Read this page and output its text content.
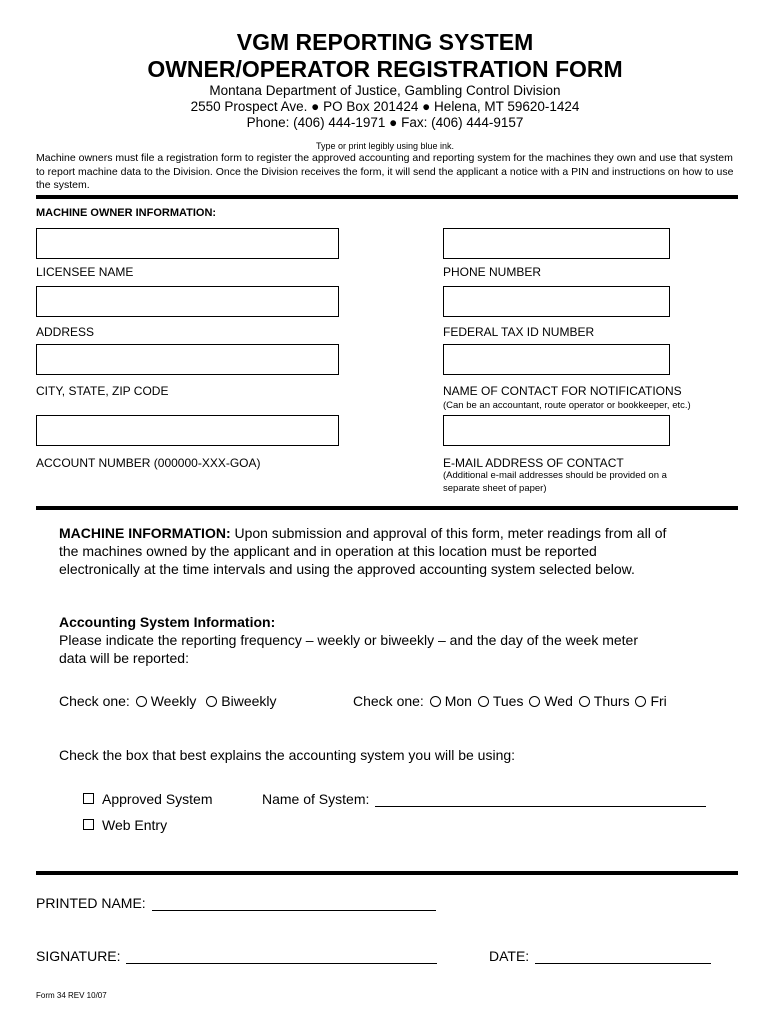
VGM REPORTING SYSTEM
OWNER/OPERATOR REGISTRATION FORM
Montana Department of Justice, Gambling Control Division
2550 Prospect Ave. ● PO Box 201424 ● Helena, MT 59620-1424
Phone: (406) 444-1971 ● Fax: (406) 444-9157
Type or print legibly using blue ink.
Machine owners must file a registration form to register the approved accounting and reporting system for the machines they own and use that system to report machine data to the Division. Once the Division receives the form, it will send the applicant a notice with a PIN and instructions on how to use the system.
MACHINE OWNER INFORMATION:
LICENSEE NAME	PHONE NUMBER
ADDRESS	FEDERAL TAX ID NUMBER
CITY, STATE, ZIP CODE	NAME OF CONTACT FOR NOTIFICATIONS
(Can be an accountant, route operator or bookkeeper, etc.)
ACCOUNT NUMBER (000000-XXX-GOA)	E-MAIL ADDRESS OF CONTACT
(Additional e-mail addresses should be provided on a
separate sheet of paper)
MACHINE INFORMATION: Upon submission and approval of this form, meter readings from all of
the machines owned by the applicant and in operation at this location must be reported
electronically at the time intervals and using the approved accounting system selected below.
Accounting System Information:
Please indicate the reporting frequency – weekly or biweekly – and the day of the week meter
data will be reported:
Check one: Weekly Biweekly	Check one: Mon Tues Wed Thurs Fri
Check the box that best explains the accounting system you will be using:
Approved System	Name of System:
Web Entry
PRINTED NAME:
SIGNATURE:	DATE:
Form 34 REV 10/07
